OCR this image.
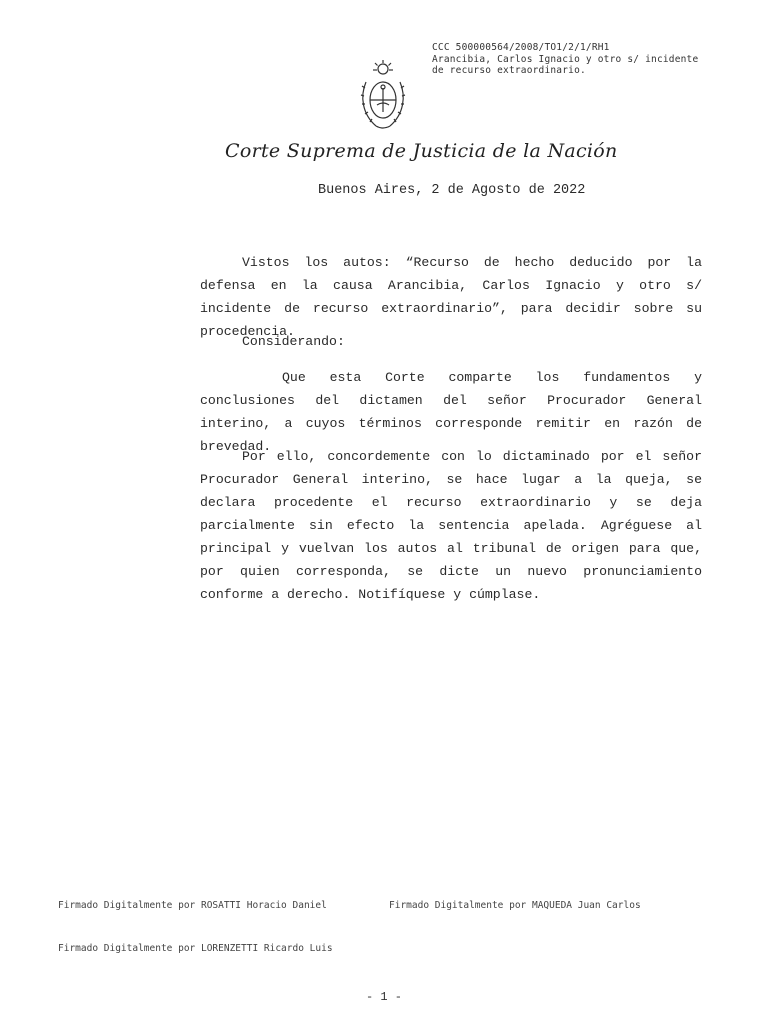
CCC 500000564/2008/TO1/2/1/RH1
Arancibia, Carlos Ignacio y otro s/ incidente
de recurso extraordinario.
Corte Suprema de Justicia de la Nación
Buenos Aires, 2 de Agosto de 2022

Vistos los autos: “Recurso de hecho deducido por la defensa en la causa Arancibia, Carlos Ignacio y otro s/ incidente de recurso extraordinario”, para decidir sobre su procedencia.

Considerando:

Que esta Corte comparte los fundamentos y conclusiones del dictamen del señor Procurador General interino, a cuyos términos corresponde remitir en razón de brevedad.

Por ello, concordemente con lo dictaminado por el señor Procurador General interino, se hace lugar a la queja, se declara procedente el recurso extraordinario y se deja parcialmente sin efecto la sentencia apelada. Agréguese al principal y vuelvan los autos al tribunal de origen para que, por quien corresponda, se dicte un nuevo pronunciamiento conforme a derecho. Notifíquese y cúmplase.

Firmado Digitalmente por ROSATTI Horacio Daniel	Firmado Digitalmente por MAQUEDA Juan Carlos
Firmado Digitalmente por LORENZETTI Ricardo Luis
- 1 -
